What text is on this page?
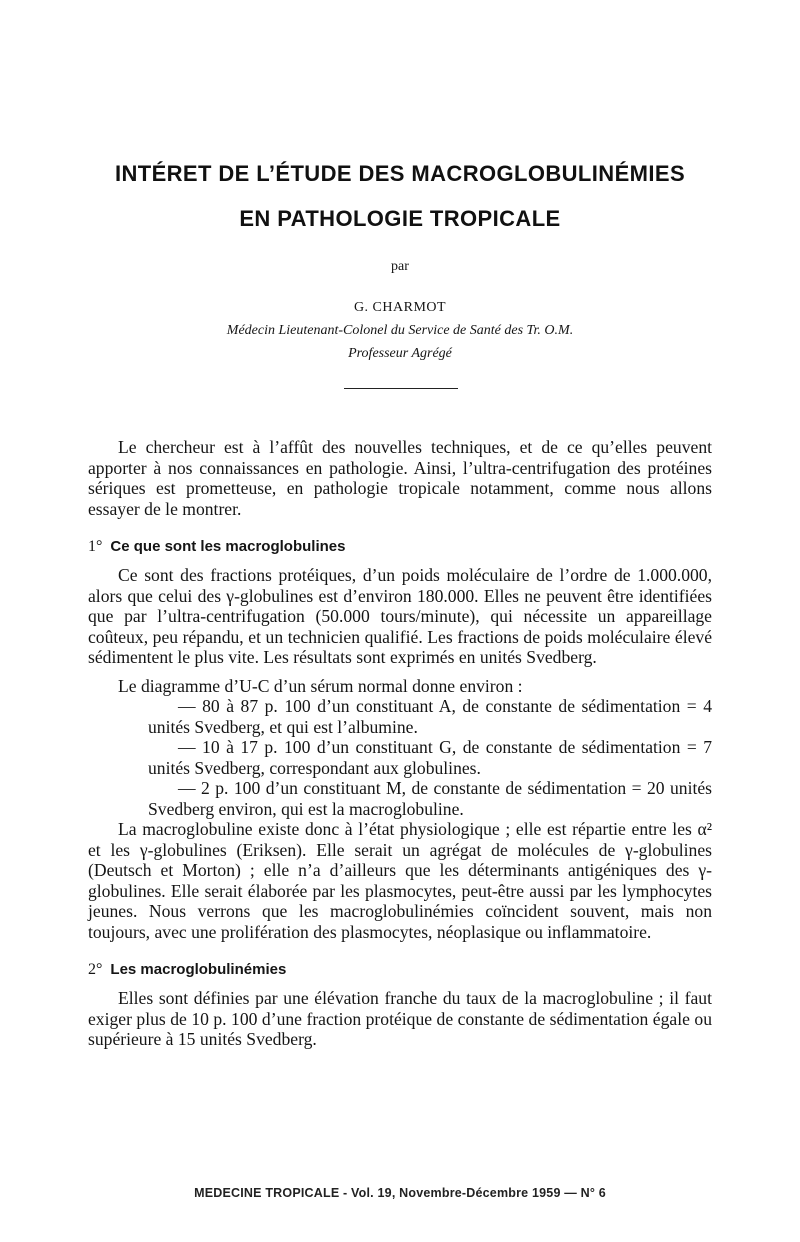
INTÉRET DE L’ÉTUDE DES MACROGLOBULINÉMIES
EN PATHOLOGIE TROPICALE
par
G. CHARMOT
Médecin Lieutenant-Colonel du Service de Santé des Tr. O.M.
Professeur Agrégé

Le chercheur est à l’affût des nouvelles techniques, et de ce qu’elles peuvent apporter à nos connaissances en pathologie. Ainsi, l’ultra-centrifugation des protéines sériques est prometteuse, en pathologie tropicale notamment, comme nous allons essayer de le montrer.

1° Ce que sont les macroglobulines

Ce sont des fractions protéiques, d’un poids moléculaire de l’ordre de 1.000.000, alors que celui des γ-globulines est d’environ 180.000. Elles ne peuvent être identifiées que par l’ultra-centrifugation (50.000 tours/minute), qui nécessite un appareillage coûteux, peu répandu, et un technicien qualifié. Les fractions de poids moléculaire élevé sédimentent le plus vite. Les résultats sont exprimés en unités Svedberg.

Le diagramme d’U-C d’un sérum normal donne environ :

— 80 à 87 p. 100 d’un constituant A, de constante de sédimentation = 4 unités Svedberg, et qui est l’albumine.

— 10 à 17 p. 100 d’un constituant G, de constante de sédimentation = 7 unités Svedberg, correspondant aux globulines.

— 2 p. 100 d’un constituant M, de constante de sédimentation = 20 unités Svedberg environ, qui est la macroglobuline.

La macroglobuline existe donc à l’état physiologique ; elle est répartie entre les α² et les γ-globulines (Eriksen). Elle serait un agrégat de molécules de γ-globulines (Deutsch et Morton) ; elle n’a d’ailleurs que les déterminants antigéniques des γ-globulines. Elle serait élaborée par les plasmocytes, peut-être aussi par les lymphocytes jeunes. Nous verrons que les macroglobulinémies coïncident souvent, mais non toujours, avec une prolifération des plasmocytes, néoplasique ou inflammatoire.

2° Les macroglobulinémies

Elles sont définies par une élévation franche du taux de la macroglobuline ; il faut exiger plus de 10 p. 100 d’une fraction protéique de constante de sédimentation égale ou supérieure à 15 unités Svedberg.

MEDECINE TROPICALE - Vol. 19, Novembre-Décembre 1959 — N° 6
